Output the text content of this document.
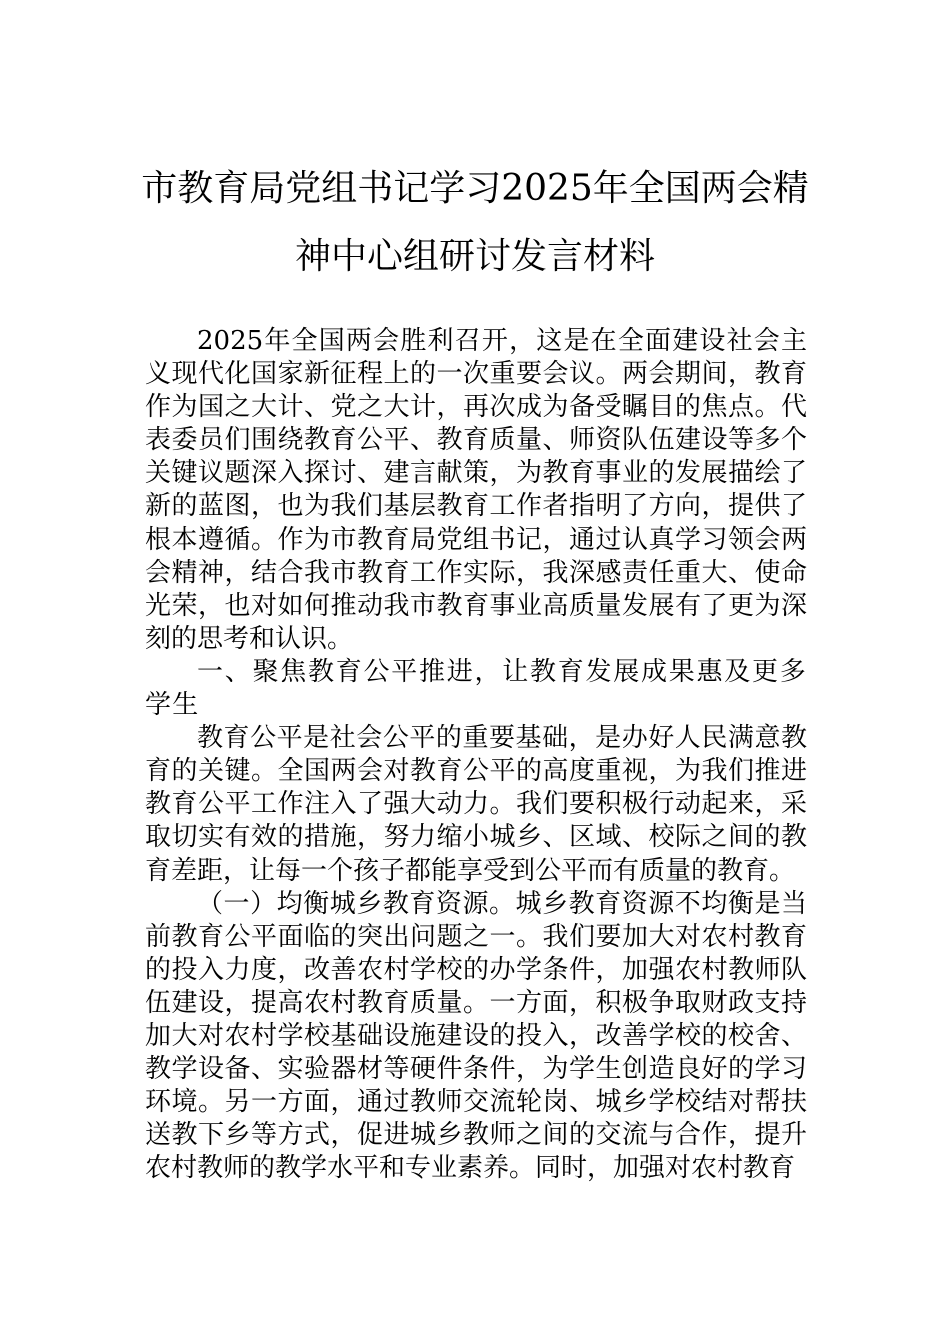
市教育局党组书记学习2025年全国两会精
神中心组研讨发言材料

2025年全国两会胜利召开，这是在全面建设社会主义现代化国家新征程上的一次重要会议。两会期间，教育作为国之大计、党之大计，再次成为备受瞩目的焦点。代表委员们围绕教育公平、教育质量、师资队伍建设等多个关键议题深入探讨、建言献策，为教育事业的发展描绘了新的蓝图，也为我们基层教育工作者指明了方向，提供了根本遵循。作为市教育局党组书记，通过认真学习领会两会精神，结合我市教育工作实际，我深感责任重大、使命光荣，也对如何推动我市教育事业高质量发展有了更为深刻的思考和认识。

一、聚焦教育公平推进，让教育发展成果惠及更多学生

教育公平是社会公平的重要基础，是办好人民满意教育的关键。全国两会对教育公平的高度重视，为我们推进教育公平工作注入了强大动力。我们要积极行动起来，采取切实有效的措施，努力缩小城乡、区域、校际之间的教育差距，让每一个孩子都能享受到公平而有质量的教育。

（一）均衡城乡教育资源。城乡教育资源不均衡是当前教育公平面临的突出问题之一。我们要加大对农村教育的投入力度，改善农村学校的办学条件，加强农村教师队伍建设，提高农村教育质量。一方面，积极争取财政支持加大对农村学校基础设施建设的投入，改善学校的校舍、教学设备、实验器材等硬件条件，为学生创造良好的学习环境。另一方面，通过教师交流轮岗、城乡学校结对帮扶送教下乡等方式，促进城乡教师之间的交流与合作，提升农村教师的教学水平和专业素养。同时，加强对农村教育
